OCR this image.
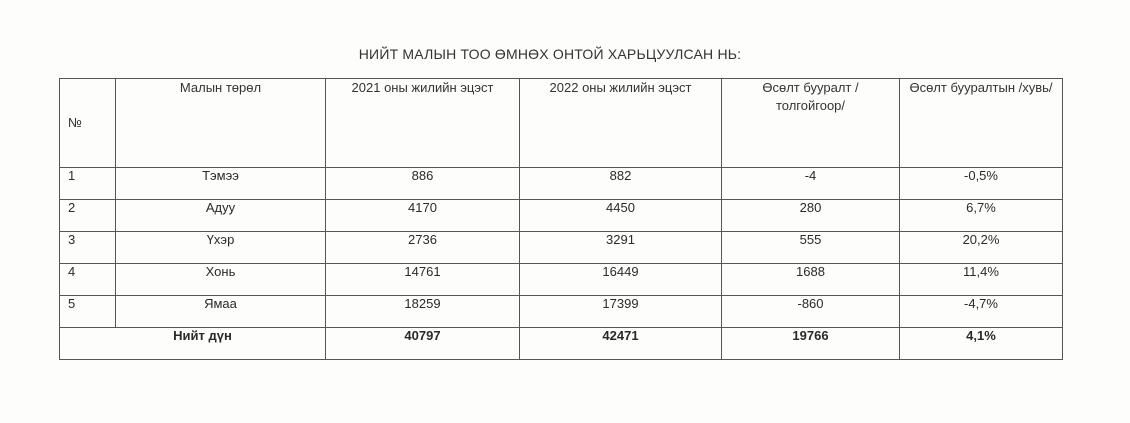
НИЙТ МАЛЫН ТОО ӨМНӨХ ОНТОЙ ХАРЬЦУУЛСАН НЬ:
№	Малын төрөл	2021 оны жилийн эцэст	2022 оны жилийн эцэст	Өсөлт бууралт /толгойгоор/	Өсөлт бууралтын /хувь/
1	Тэмээ	886	882	-4	-0,5%
2	Адуу	4170	4450	280	6,7%
3	Үхэр	2736	3291	555	20,2%
4	Хонь	14761	16449	1688	11,4%
5	Ямаа	18259	17399	-860	-4,7%
Нийт дүн		40797	42471	19766	4,1%
